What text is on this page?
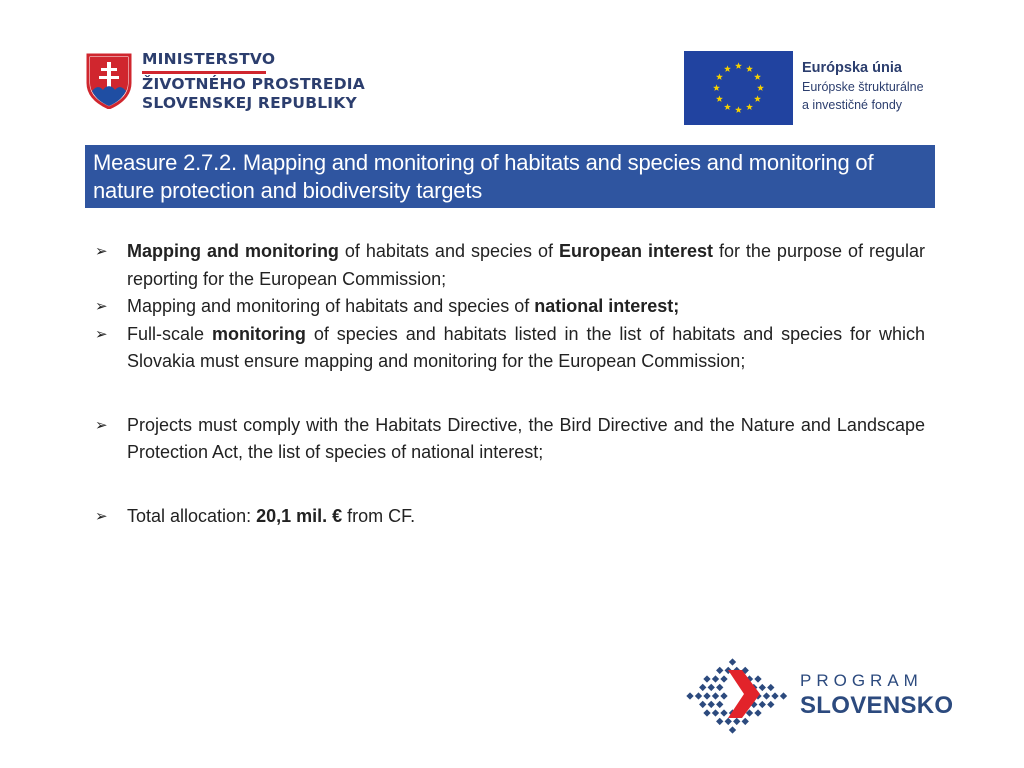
MINISTERSTVO
ŽIVOTNÉHO PROSTREDIA
SLOVENSKEJ REPUBLIKY
Európska únia
Európske štrukturálne
a investičné fondy
Measure 2.7.2. Mapping and monitoring of habitats and species and monitoring of nature protection and biodiversity targets
➢	Mapping and monitoring of habitats and species of European interest for the purpose of regular reporting for the European Commission;
➢	Mapping and monitoring of habitats and species of national interest;
➢	Full-scale monitoring of species and habitats listed in the list of habitats and species for which Slovakia must ensure mapping and monitoring for the European Commission;
➢	Projects must comply with the Habitats Directive, the Bird Directive and the Nature and Landscape Protection Act, the list of species of national interest;
➢	Total allocation: 20,1 mil. € from CF.
PROGRAM
SLOVENSKO
